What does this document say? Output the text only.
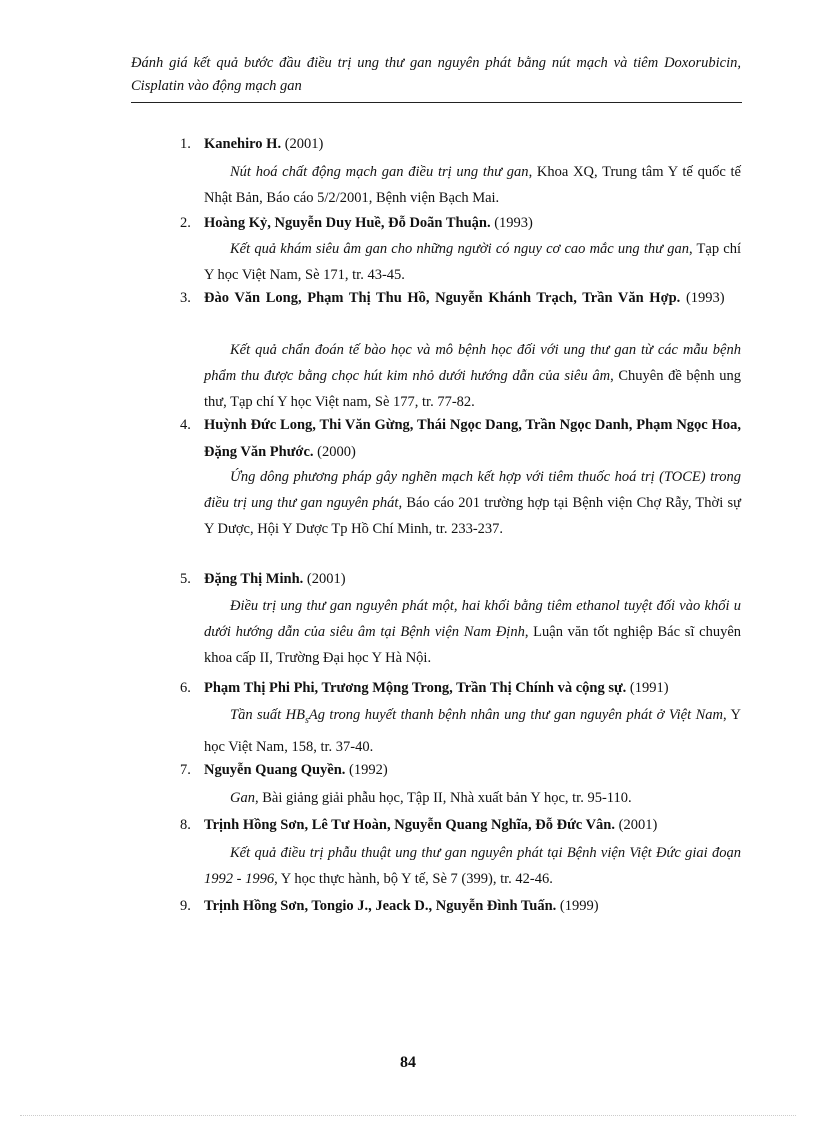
Đánh giá kết quả bước đầu điều trị ung thư gan nguyên phát bằng nút mạch và tiêm Doxorubicin, Cisplatin vào động mạch gan
1. Kanehiro H. (2001)
Nút hoá chất động mạch gan điều trị ung thư gan, Khoa XQ, Trung tâm Y tế quốc tế Nhật Bản, Báo cáo 5/2/2001, Bệnh viện Bạch Mai.
2. Hoàng Kỷ, Nguyễn Duy Huề, Đỗ Doãn Thuận. (1993)
Kết quả khám siêu âm gan cho những người có nguy cơ cao mắc ung thư gan, Tạp chí Y học Việt Nam, Sè 171, tr. 43-45.
3. Đào Văn Long, Phạm Thị Thu Hồ, Nguyễn Khánh Trạch, Trần Văn Hợp. (1993)
Kết quả chẩn đoán tế bào học và mô bệnh học đối với ung thư gan từ các mẫu bệnh phẩm thu được bằng chọc hút kim nhỏ dưới hướng dẫn của siêu âm, Chuyên đề bệnh ung thư, Tạp chí Y học Việt nam, Sè 177, tr. 77-82.
4. Huỳnh Đức Long, Thi Văn Gừng, Thái Ngọc Dang, Trần Ngọc Danh, Phạm Ngọc Hoa, Đặng Văn Phước. (2000)
Ứng dông phương pháp gây nghẽn mạch kết hợp với tiêm thuốc hoá trị (TOCE) trong điều trị ung thư gan nguyên phát, Báo cáo 201 trường hợp tại Bệnh viện Chợ Rẫy, Thời sự Y Dược, Hội Y Dược Tp Hồ Chí Minh, tr. 233-237.
5. Đặng Thị Minh. (2001)
Điều trị ung thư gan nguyên phát một, hai khối bằng tiêm ethanol tuyệt đối vào khối u dưới hướng dẫn của siêu âm tại Bệnh viện Nam Định, Luận văn tốt nghiệp Bác sĩ chuyên khoa cấp II, Trường Đại học Y Hà Nội.
6. Phạm Thị Phi Phi, Trương Mộng Trong, Trần Thị Chính và cộng sự. (1991)
Tần suất $HB_sAg$ trong huyết thanh bệnh nhân ung thư gan nguyên phát ở Việt Nam, Y học Việt Nam, 158, tr. 37-40.
7. Nguyễn Quang Quyền. (1992)
Gan, Bài giảng giải phẫu học, Tập II, Nhà xuất bản Y học, tr. 95-110.
8. Trịnh Hồng Sơn, Lê Tư Hoàn, Nguyễn Quang Nghĩa, Đỗ Đức Vân. (2001)
Kết quả điều trị phẫu thuật ung thư gan nguyên phát tại Bệnh viện Việt Đức giai đoạn 1992 - 1996, Y học thực hành, bộ Y tế, Sè 7 (399), tr. 42-46.
9. Trịnh Hồng Sơn, Tongio J., Jeack D., Nguyễn Đình Tuấn. (1999)
84
